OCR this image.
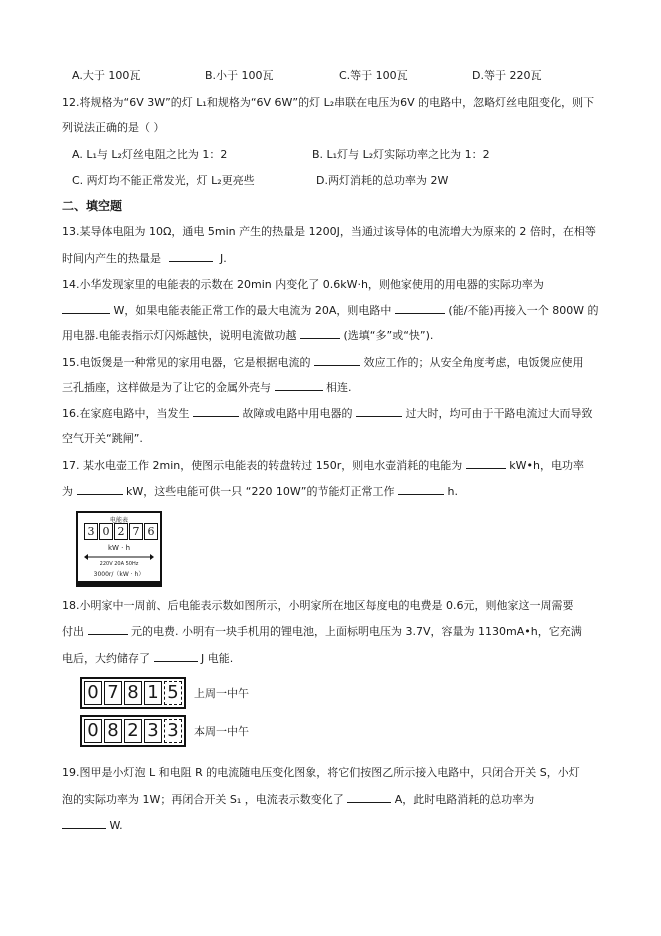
A.大于 100瓦	B.小于 100瓦	C.等于 100瓦	D.等于 220瓦
12.将规格为“6V 3W”的灯 L₁和规格为“6V 6W”的灯 L₂串联在电压为6V 的电路中，忽略灯丝电阻变化，则下
列说法正确的是（ ）
A. L₁与 L₂灯丝电阻之比为 1：2	B. L₁灯与 L₂灯实际功率之比为 1：2
C. 两灯均不能正常发光，灯 L₂更亮些	D.两灯消耗的总功率为 2W
二、填空题
13.某导体电阻为 10Ω，通电 5min 产生的热量是 1200J，当通过该导体的电流增大为原来的 2 倍时，在相等
时间内产生的热量是	J.
14.小华发现家里的电能表的示数在 20min 内变化了 0.6kW·h，则他家使用的用电器的实际功率为
W，如果电能表能正常工作的最大电流为 20A，则电路中	(能/不能)再接入一个 800W 的
用电器.电能表指示灯闪烁越快，说明电流做功越	(选填“多”或“快”).
15.电饭煲是一种常见的家用电器，它是根据电流的	效应工作的；从安全角度考虑，电饭煲应使用
三孔插座，这样做是为了让它的金属外壳与	相连.
16.在家庭电路中，当发生	故障或电路中用电器的	过大时，均可由于干路电流过大而导致
空气开关“跳闸”.
17. 某水电壶工作 2min，使图示电能表的转盘转过 150r，则电水壶消耗的电能为	kW•h，电功率
为	kW，这些电能可供一只 “220 10W”的节能灯正常工作	h.
电能表
3 0 2 7 6
kW · h
220V 20A 50Hz
3000r/（kW · h）
18.小明家中一周前、后电能表示数如图所示，小明家所在地区每度电的电费是 0.6元，则他家这一周需要
付出	元的电费. 小明有一块手机用的锂电池，上面标明电压为 3.7V，容量为 1130mA•h，它充满
电后，大约储存了	J 电能.
0 7 8 1 5 上周一中午
0 8 2 3 3 本周一中午
19.图甲是小灯泡 L 和电阻 R 的电流随电压变化图象，将它们按图乙所示接入电路中，只闭合开关 S，小灯
泡的实际功率为 1W；再闭合开关 S₁ ，电流表示数变化了	A，此时电路消耗的总功率为
W.
